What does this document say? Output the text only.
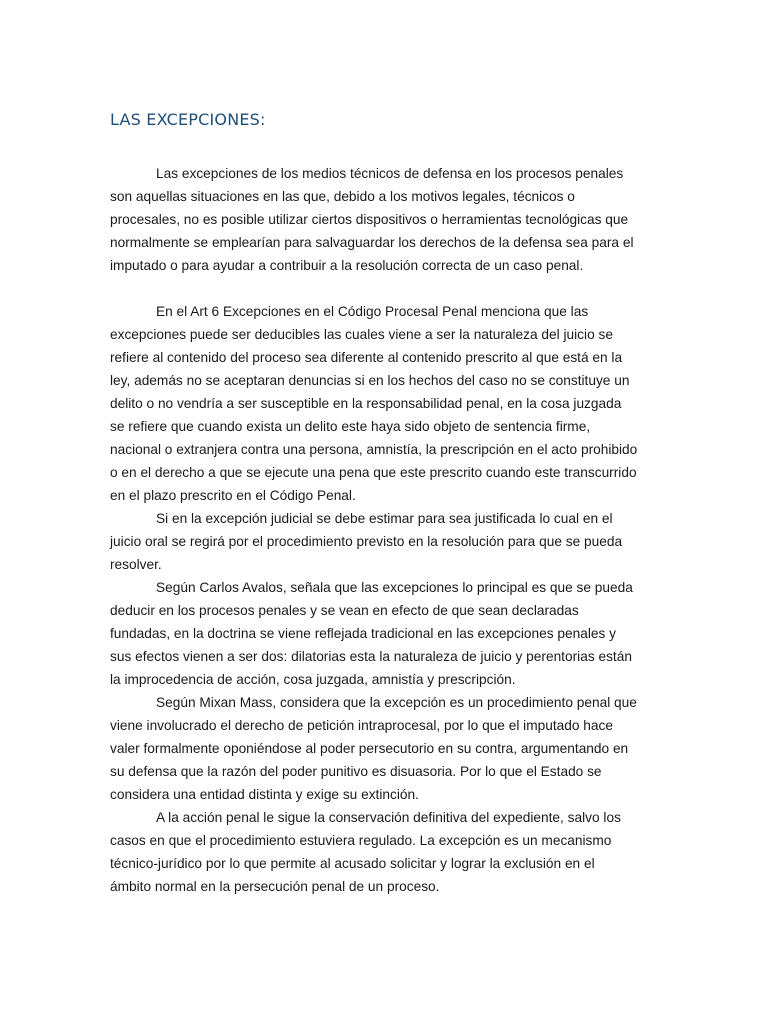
LAS EXCEPCIONES:

Las excepciones de los medios técnicos de defensa en los procesos penales
son aquellas situaciones en las que, debido a los motivos legales, técnicos o
procesales, no es posible utilizar ciertos dispositivos o herramientas tecnológicas que
normalmente se emplearían para salvaguardar los derechos de la defensa sea para el
imputado o para ayudar a contribuir a la resolución correcta de un caso penal.

En el Art 6 Excepciones en el Código Procesal Penal menciona que las
excepciones puede ser deducibles las cuales viene a ser la naturaleza del juicio se
refiere al contenido del proceso sea diferente al contenido prescrito al que está en la
ley, además no se aceptaran denuncias si en los hechos del caso no se constituye un
delito o no vendría a ser susceptible en la responsabilidad penal, en la cosa juzgada
se refiere que cuando exista un delito este haya sido objeto de sentencia firme,
nacional o extranjera contra una persona, amnistía, la prescripción en el acto prohibido
o en el derecho a que se ejecute una pena que este prescrito cuando este transcurrido
en el plazo prescrito en el Código Penal.

Si en la excepción judicial se debe estimar para sea justificada lo cual en el
juicio oral se regirá por el procedimiento previsto en la resolución para que se pueda
resolver.

Según Carlos Avalos, señala que las excepciones lo principal es que se pueda
deducir en los procesos penales y se vean en efecto de que sean declaradas
fundadas, en la doctrina se viene reflejada tradicional en las excepciones penales y
sus efectos vienen a ser dos: dilatorias esta la naturaleza de juicio y perentorias están
la improcedencia de acción, cosa juzgada, amnistía y prescripción.

Según Mixan Mass, considera que la excepción es un procedimiento penal que
viene involucrado el derecho de petición intraprocesal, por lo que el imputado hace
valer formalmente oponiéndose al poder persecutorio en su contra, argumentando en
su defensa que la razón del poder punitivo es disuasoria. Por lo que el Estado se
considera una entidad distinta y exige su extinción.

A la acción penal le sigue la conservación definitiva del expediente, salvo los
casos en que el procedimiento estuviera regulado. La excepción es un mecanismo
técnico-jurídico por lo que permite al acusado solicitar y lograr la exclusión en el
ámbito normal en la persecución penal de un proceso.
